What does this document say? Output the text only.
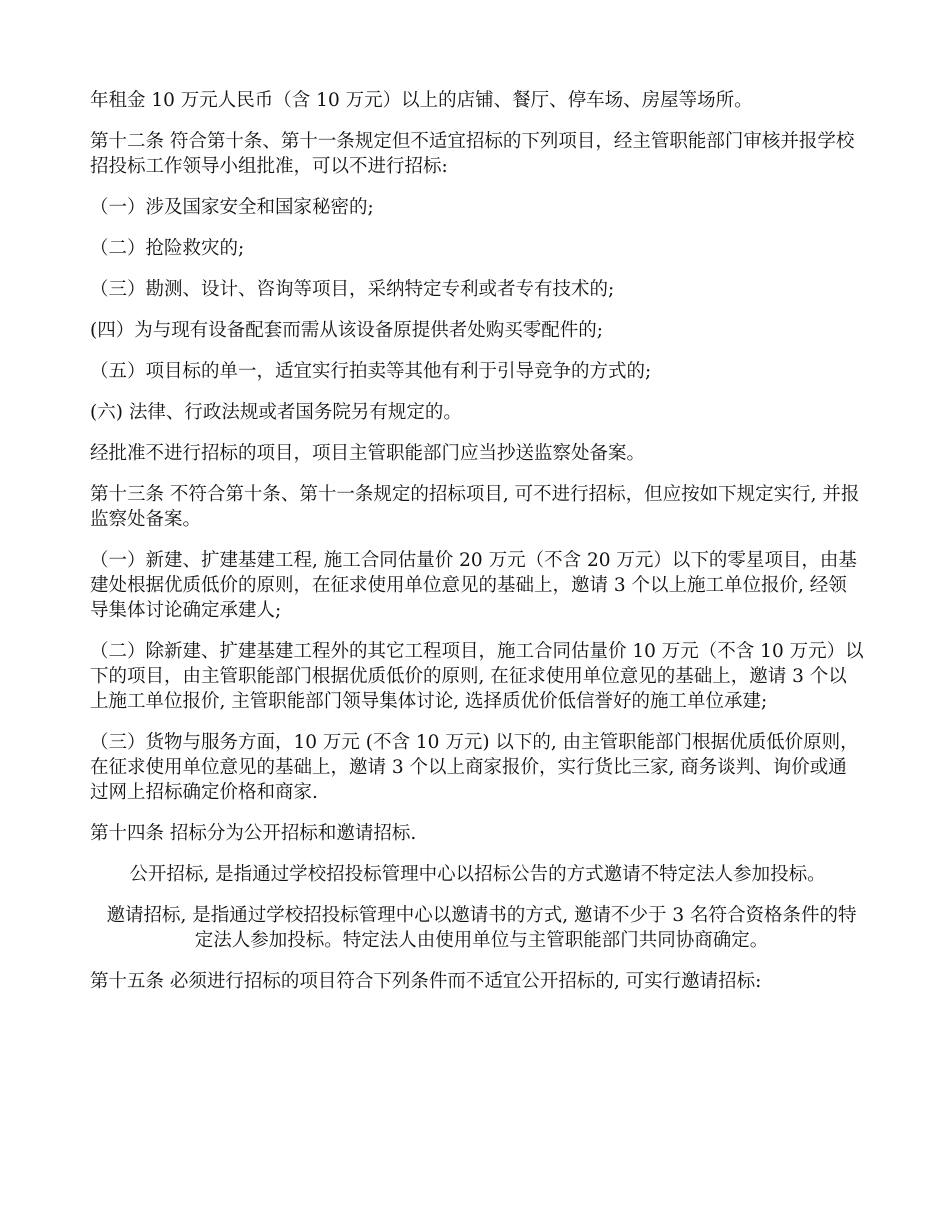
年租金 10 万元人民币（含 10 万元）以上的店铺、餐厅、停车场、房屋等场所。

第十二条 符合第十条、第十一条规定但不适宜招标的下列项目，经主管职能部门审核并报学校招投标工作领导小组批准，可以不进行招标:

（一）涉及国家安全和国家秘密的;

（二）抢险救灾的;

（三）勘测、设计、咨询等项目，采纳特定专利或者专有技术的;

(四）为与现有设备配套而需从该设备原提供者处购买零配件的;

（五）项目标的单一，适宜实行拍卖等其他有利于引导竞争的方式的;

(六) 法律、行政法规或者国务院另有规定的。

经批准不进行招标的项目，项目主管职能部门应当抄送监察处备案。

第十三条 不符合第十条、第十一条规定的招标项目, 可不进行招标，但应按如下规定实行, 并报监察处备案。

（一）新建、扩建基建工程, 施工合同估量价 20 万元（不含 20 万元）以下的零星项目，由基建处根据优质低价的原则，在征求使用单位意见的基础上，邀请 3 个以上施工单位报价, 经领导集体讨论确定承建人;

（二）除新建、扩建基建工程外的其它工程项目，施工合同估量价 10 万元（不含 10 万元）以下的项目，由主管职能部门根据优质低价的原则, 在征求使用单位意见的基础上，邀请 3 个以上施工单位报价, 主管职能部门领导集体讨论, 选择质优价低信誉好的施工单位承建;

（三）货物与服务方面，10 万元 (不含 10 万元) 以下的, 由主管职能部门根据优质低价原则，在征求使用单位意见的基础上，邀请 3 个以上商家报价，实行货比三家, 商务谈判、询价或通过网上招标确定价格和商家.

第十四条 招标分为公开招标和邀请招标.

公开招标, 是指通过学校招投标管理中心以招标公告的方式邀请不特定法人参加投标。

邀请招标, 是指通过学校招投标管理中心以邀请书的方式, 邀请不少于 3 名符合资格条件的特定法人参加投标。特定法人由使用单位与主管职能部门共同协商确定。

第十五条 必须进行招标的项目符合下列条件而不适宜公开招标的, 可实行邀请招标:
